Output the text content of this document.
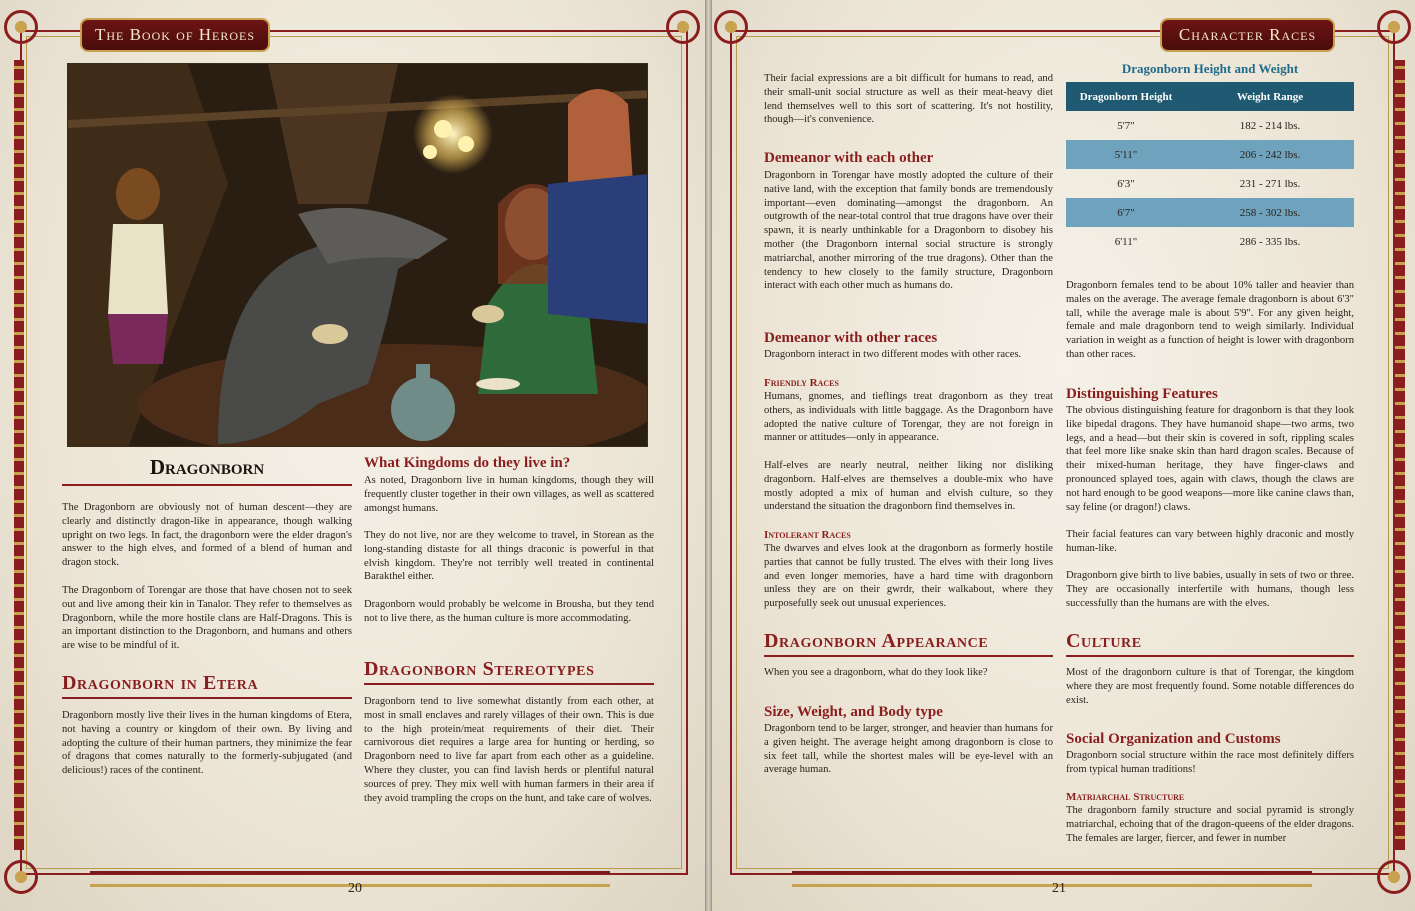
The Book of Heroes
Dragonborn

The Dragonborn are obviously not of human descent—they are clearly and distinctly dragon-like in appearance, though walking upright on two legs. In fact, the dragonborn were the elder dragon's answer to the high elves, and formed of a blend of human and dragon stock.

The Dragonborn of Torengar are those that have chosen not to seek out and live among their kin in Tanalor. They refer to themselves as Dragonborn, while the more hostile clans are Half-Dragons. This is an important distinction to the Dragonborn, and humans and others are wise to be mindful of it.

Dragonborn in Etera

Dragonborn mostly live their lives in the human kingdoms of Etera, not having a country or kingdom of their own. By living and adopting the culture of their human partners, they minimize the fear of dragons that comes naturally to the formerly-subjugated (and delicious!) races of the continent.

What Kingdoms do they live in?

As noted, Dragonborn live in human kingdoms, though they will frequently cluster together in their own villages, as well as scattered amongst humans.

They do not live, nor are they welcome to travel, in Storean as the long-standing distaste for all things draconic is powerful in that elvish kingdom. They're not terribly well treated in continental Barakthel either.

Dragonborn would probably be welcome in Brousha, but they tend not to live there, as the human culture is more accommodating.

Dragonborn Stereotypes

Dragonborn tend to live somewhat distantly from each other, at most in small enclaves and rarely villages of their own. This is due to the high protein/meat requirements of their diet. Their carnivorous diet requires a large area for hunting or herding, so Dragonborn need to live far apart from each other as a guideline. Where they cluster, you can find lavish herds or plentiful natural sources of prey. They mix well with human farmers in their area if they avoid trampling the crops on the hunt, and take care of wolves.

20
Character Races

Their facial expressions are a bit difficult for humans to read, and their small-unit social structure as well as their meat-heavy diet lend themselves well to this sort of scattering. It's not hostility, though—it's convenience.

Demeanor with each other

Dragonborn in Torengar have mostly adopted the culture of their native land, with the exception that family bonds are tremendously important—even dominating—amongst the dragonborn. An outgrowth of the near-total control that true dragons have over their spawn, it is nearly unthinkable for a Dragonborn to disobey his mother (the Dragonborn internal social structure is strongly matriarchal, another mirroring of the true dragons). Other than the tendency to hew closely to the family structure, Dragonborn interact with each other much as humans do.

Demeanor with other races

Dragonborn interact in two different modes with other races.

Friendly Races

Humans, gnomes, and tieflings treat dragonborn as they treat others, as individuals with little baggage. As the Dragonborn have adopted the native culture of Torengar, they are not foreign in manner or attitudes—only in appearance.

Half-elves are nearly neutral, neither liking nor disliking dragonborn. Half-elves are themselves a double-mix who have mostly adopted a mix of human and elvish culture, so they understand the situation the dragonborn find themselves in.

Intolerant Races

The dwarves and elves look at the dragonborn as formerly hostile parties that cannot be fully trusted. The elves with their long lives and even longer memories, have a hard time with dragonborn unless they are on their gwrdr, their walkabout, where they purposefully seek out unusual experiences.

Dragonborn Appearance

When you see a dragonborn, what do they look like?

Size, Weight, and Body type

Dragonborn tend to be larger, stronger, and heavier than humans for a given height. The average height among dragonborn is close to six feet tall, while the shortest males will be eye-level with an average human.

Dragonborn females tend to be about 10% taller and heavier than males on the average. The average female dragonborn is about 6'3" tall, while the average male is about 5'9". For any given height, female and male dragonborn tend to weigh similarly. Individual variation in weight as a function of height is lower with dragonborn than other races.

Distinguishing Features

The obvious distinguishing feature for dragonborn is that they look like bipedal dragons. They have humanoid shape—two arms, two legs, and a head—but their skin is covered in soft, rippling scales that feel more like snake skin than hard dragon scales. Because of their mixed-human heritage, they have finger-claws and pronounced splayed toes, again with claws, though the claws are not hard enough to be good weapons—more like canine claws than, say feline (or dragon!) claws.

Their facial features can vary between highly draconic and mostly human-like.

Dragonborn give birth to live babies, usually in sets of two or three. They are occasionally interfertile with humans, though less successfully than the humans are with the elves.

Culture

Most of the dragonborn culture is that of Torengar, the kingdom where they are most frequently found. Some notable differences do exist.

Social Organization and Customs

Dragonborn social structure within the race most definitely differs from typical human traditions!

Matriarchal Structure

The dragonborn family structure and social pyramid is strongly matriarchal, echoing that of the dragon-queens of the elder dragons. The females are larger, fiercer, and fewer in number

21
Dragonborn Height and Weight
Dragonborn Height	Weight Range
5'7"	182 - 214 lbs.
5'11"	206 - 242 lbs.
6'3"	231 - 271 lbs.
6'7"	258 - 302 lbs.
6'11"	286 - 335 lbs.
